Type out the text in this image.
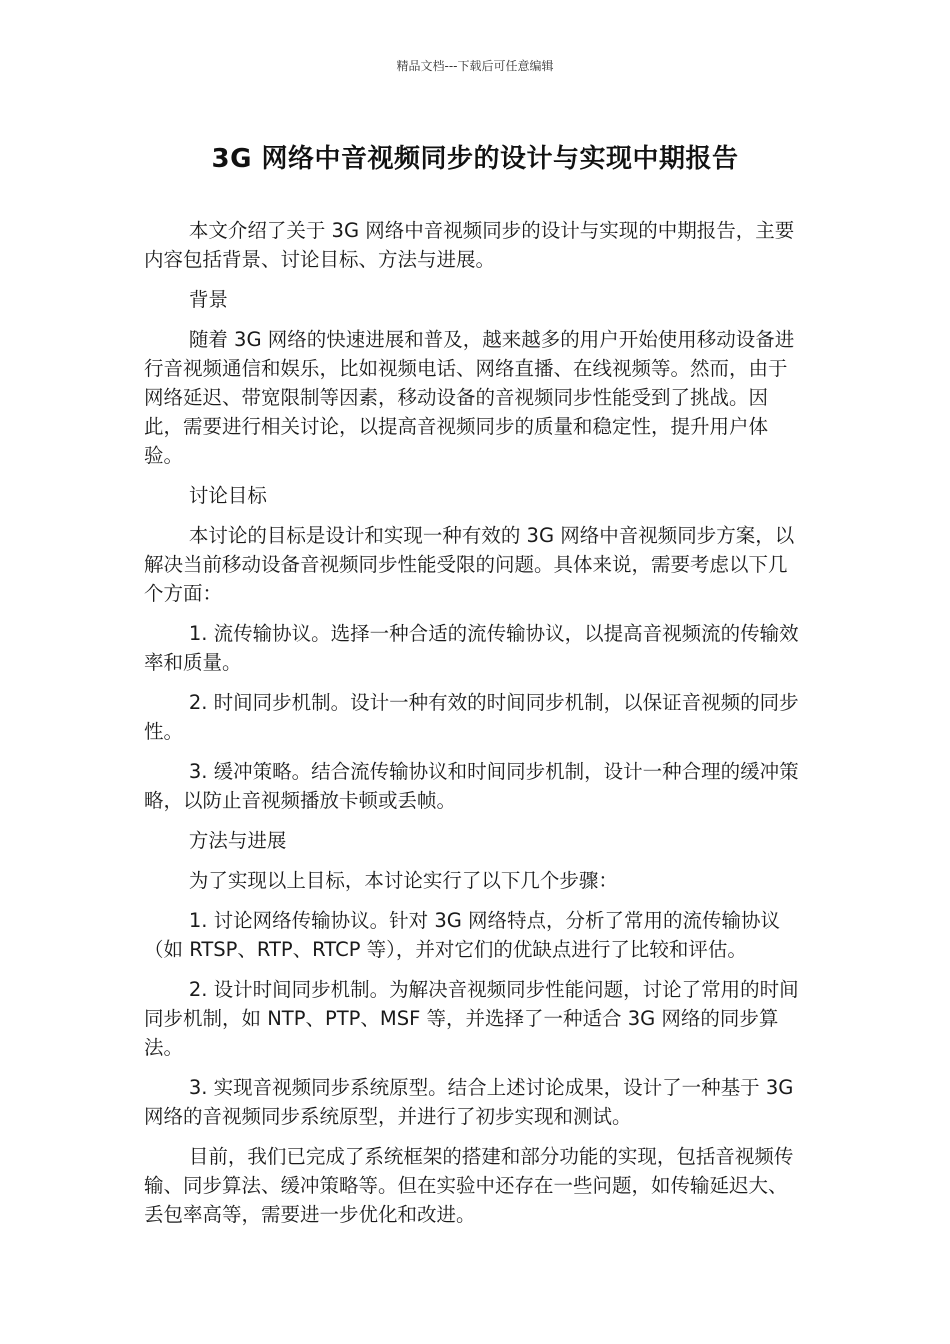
精品文档---下载后可任意编辑
3G 网络中音视频同步的设计与实现中期报告

本文介绍了关于 3G 网络中音视频同步的设计与实现的中期报告，主要内容包括背景、讨论目标、方法与进展。

背景

随着 3G 网络的快速进展和普及，越来越多的用户开始使用移动设备进行音视频通信和娱乐，比如视频电话、网络直播、在线视频等。然而，由于网络延迟、带宽限制等因素，移动设备的音视频同步性能受到了挑战。因此，需要进行相关讨论，以提高音视频同步的质量和稳定性，提升用户体验。

讨论目标

本讨论的目标是设计和实现一种有效的 3G 网络中音视频同步方案，以解决当前移动设备音视频同步性能受限的问题。具体来说，需要考虑以下几个方面：

1. 流传输协议。选择一种合适的流传输协议，以提高音视频流的传输效率和质量。

2. 时间同步机制。设计一种有效的时间同步机制，以保证音视频的同步性。

3. 缓冲策略。结合流传输协议和时间同步机制，设计一种合理的缓冲策略，以防止音视频播放卡顿或丢帧。

方法与进展

为了实现以上目标，本讨论实行了以下几个步骤：

1. 讨论网络传输协议。针对 3G 网络特点，分析了常用的流传输协议（如 RTSP、RTP、RTCP 等），并对它们的优缺点进行了比较和评估。

2. 设计时间同步机制。为解决音视频同步性能问题，讨论了常用的时间同步机制，如 NTP、PTP、MSF 等，并选择了一种适合 3G 网络的同步算法。

3. 实现音视频同步系统原型。结合上述讨论成果，设计了一种基于 3G 网络的音视频同步系统原型，并进行了初步实现和测试。

目前，我们已完成了系统框架的搭建和部分功能的实现，包括音视频传输、同步算法、缓冲策略等。但在实验中还存在一些问题，如传输延迟大、丢包率高等，需要进一步优化和改进。
